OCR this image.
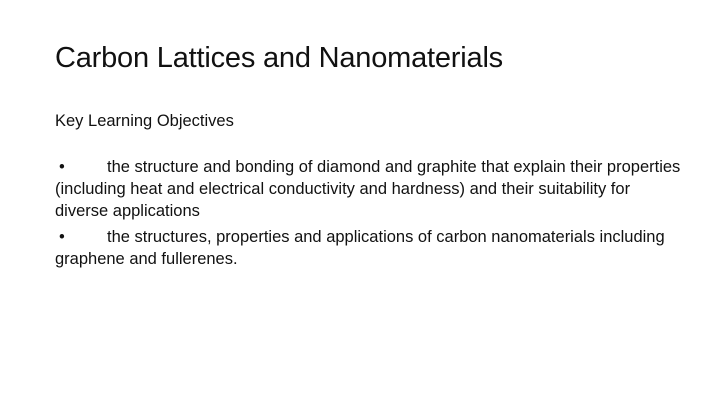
Carbon Lattices and Nanomaterials
Key Learning Objectives

•	the structure and bonding of diamond and graphite that explain their properties (including heat and electrical conductivity and hardness) and their suitability for diverse applications

•	the structures, properties and applications of carbon nanomaterials including graphene and fullerenes.
